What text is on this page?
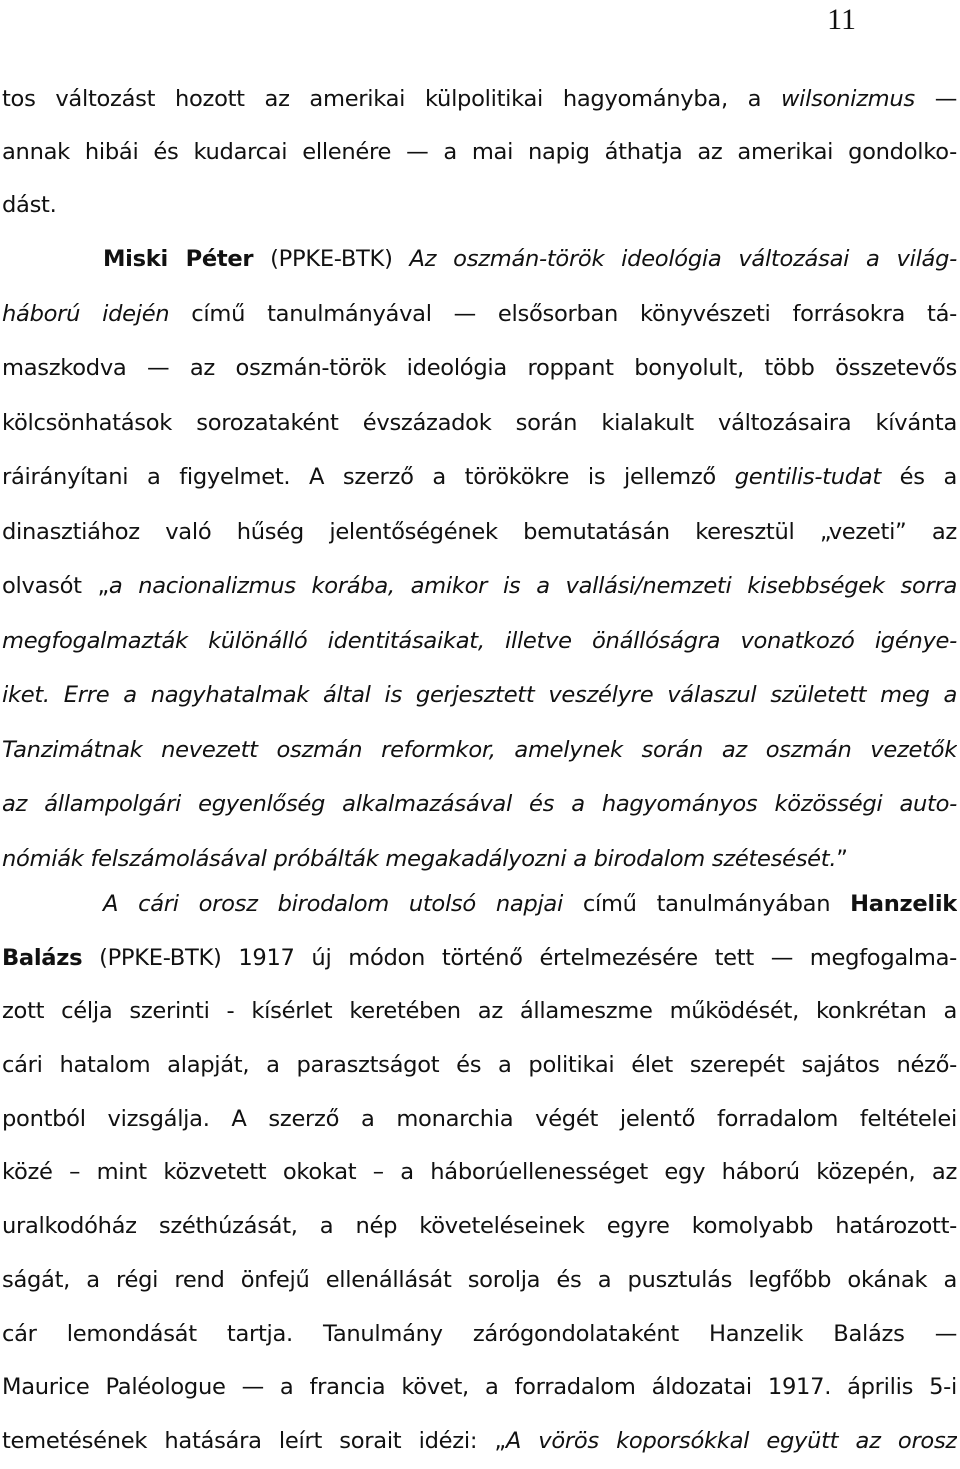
11
tos változást hozott az amerikai külpolitikai hagyományba, a wilsonizmus —
annak hibái és kudarcai ellenére — a mai napig áthatja az amerikai gondolko-
dást.
Miski Péter (PPKE-BTK) Az oszmán-török ideológia változásai a világ-
háború idején című tanulmányával — elsősorban könyvészeti forrásokra tá-
maszkodva — az oszmán-török ideológia roppant bonyolult, több összetevős
kölcsönhatások sorozataként évszázadok során kialakult változásaira kívánta
ráirányítani a figyelmet. A szerző a törökökre is jellemző gentilis-tudat és a
dinasztiához való hűség jelentőségének bemutatásán keresztül „vezeti” az
olvasót „a nacionalizmus korába, amikor is a vallási/nemzeti kisebbségek sorra
megfogalmazták különálló identitásaikat, illetve önállóságra vonatkozó igénye-
iket. Erre a nagyhatalmak által is gerjesztett veszélyre válaszul született meg a
Tanzimátnak nevezett oszmán reformkor, amelynek során az oszmán vezetők
az állampolgári egyenlőség alkalmazásával és a hagyományos közösségi auto-
nómiák felszámolásával próbálták megakadályozni a birodalom szétesését.”
A cári orosz birodalom utolsó napjai című tanulmányában Hanzelik
Balázs (PPKE-BTK) 1917 új módon történő értelmezésére tett — megfogalma-
zott célja szerinti - kísérlet keretében az állameszme működését, konkrétan a
cári hatalom alapját, a parasztságot és a politikai élet szerepét sajátos néző-
pontból vizsgálja. A szerző a monarchia végét jelentő forradalom feltételei
közé – mint közvetett okokat – a háborúellenességet egy háború közepén, az
uralkodóház széthúzását, a nép követeléseinek egyre komolyabb határozott-
ságát, a régi rend önfejű ellenállását sorolja és a pusztulás legfőbb okának a
cár lemondását tartja. Tanulmány zárógondolataként Hanzelik Balázs —
Maurice Paléologue — a francia követ, a forradalom áldozatai 1917. április 5-i
temetésének hatására leírt sorait idézi: „A vörös koporsókkal együtt az orosz
